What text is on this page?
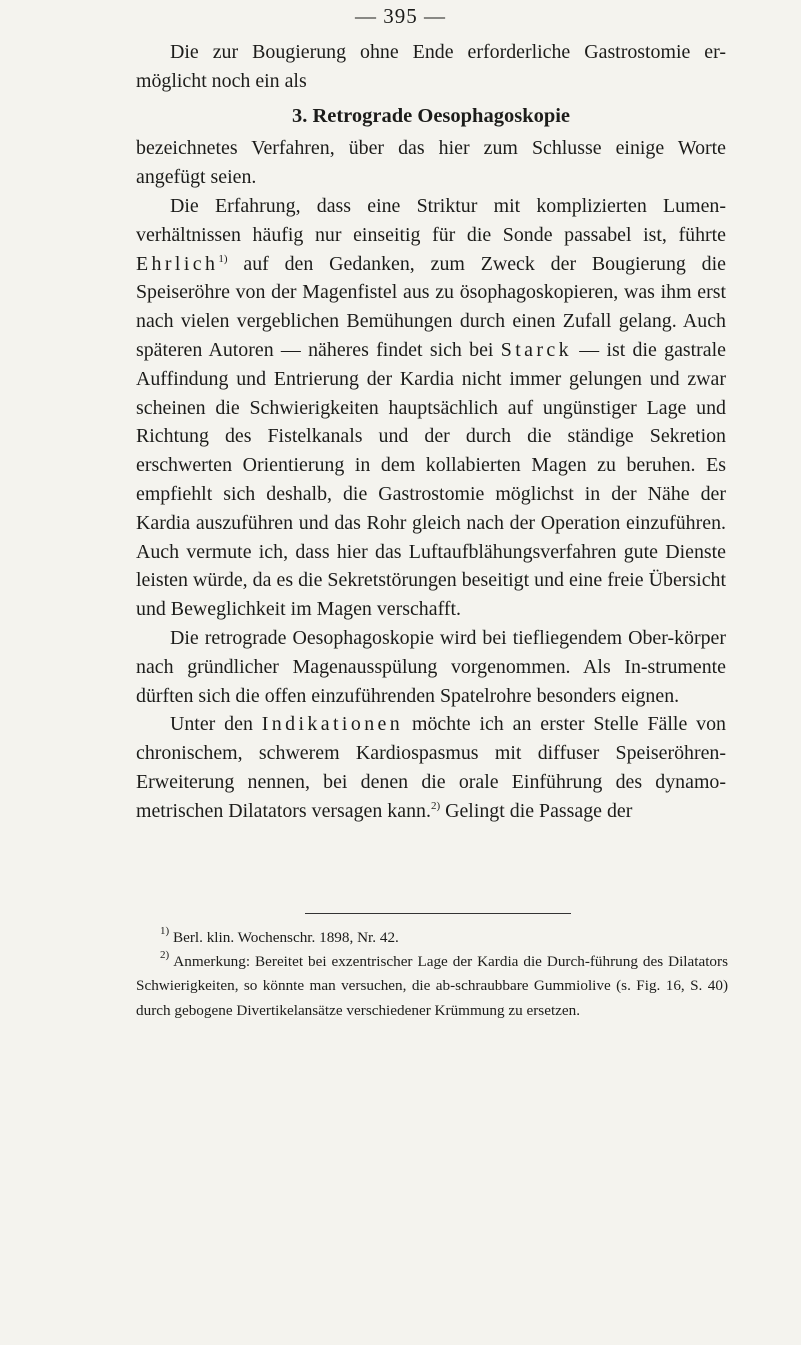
— 395 —

Die zur Bougierung ohne Ende erforderliche Gastrostomie er-möglicht noch ein als

3. Retrograde Oesophagoskopie

bezeichnetes Verfahren, über das hier zum Schlusse einige Worte angefügt seien.

Die Erfahrung, dass eine Striktur mit komplizierten Lumen-verhältnissen häufig nur einseitig für die Sonde passabel ist, führte Ehrlich$^{1)}$ auf den Gedanken, zum Zweck der Bougierung die Speiseröhre von der Magenfistel aus zu ösophagoskopieren, was ihm erst nach vielen vergeblichen Bemühungen durch einen Zufall gelang. Auch späteren Autoren — näheres findet sich bei Starck — ist die gastrale Auffindung und Entrierung der Kardia nicht immer gelungen und zwar scheinen die Schwierigkeiten hauptsächlich auf ungünstiger Lage und Richtung des Fistelkanals und der durch die ständige Sekretion erschwerten Orientierung in dem kollabierten Magen zu beruhen. Es empfiehlt sich deshalb, die Gastrostomie möglichst in der Nähe der Kardia auszuführen und das Rohr gleich nach der Operation einzuführen. Auch vermute ich, dass hier das Luftaufblähungsverfahren gute Dienste leisten würde, da es die Sekretstörungen beseitigt und eine freie Übersicht und Beweglichkeit im Magen verschafft.

Die retrograde Oesophagoskopie wird bei tiefliegendem Ober-körper nach gründlicher Magenausspülung vorgenommen. Als In-strumente dürften sich die offen einzuführenden Spatelrohre besonders eignen.

Unter den Indikationen möchte ich an erster Stelle Fälle von chronischem, schwerem Kardiospasmus mit diffuser Speiseröhren-Erweiterung nennen, bei denen die orale Einführung des dynamo-metrischen Dilatators versagen kann.$^{2)}$ Gelingt die Passage der

$^{1)}$ Berl. klin. Wochenschr. 1898, Nr. 42.

$^{2)}$ Anmerkung: Bereitet bei exzentrischer Lage der Kardia die Durch-führung des Dilatators Schwierigkeiten, so könnte man versuchen, die ab-schraubbare Gummiolive (s. Fig. 16, S. 40) durch gebogene Divertikelansätze verschiedener Krümmung zu ersetzen.
